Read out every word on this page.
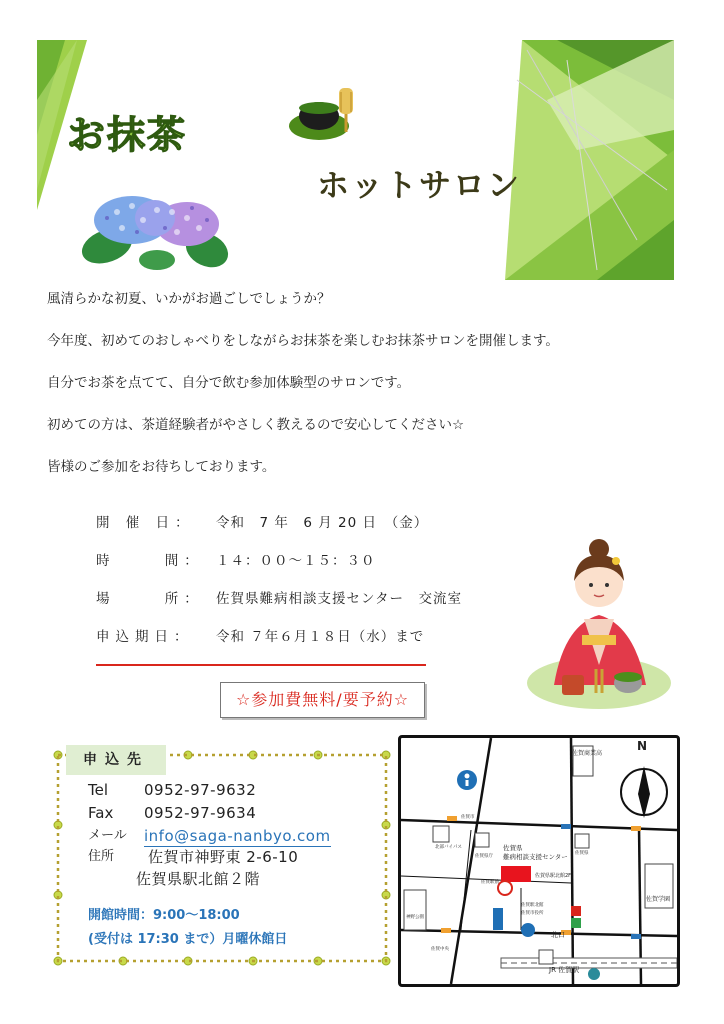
お抹茶
ホットサロン

風清らかな初夏、いかがお過ごしでしょうか？

今年度、初めてのおしゃべりをしながらお抹茶を楽しむお抹茶サロンを開催します。

自分でお茶を点てて、自分で飲む参加体験型のサロンです。

初めての方は、茶道経験者がやさしく教えるので安心してください☆

皆様のご参加をお待ちしております。

開 催 日： 令和　7 年　6 月 20 日　（金）
時　　 間： １４：００～１５：３０
場　　 所： 佐賀県難病相談支援センター　交流室
申込期日： 令和 ７年６月１８日（水）まで
☆参加費無料/要予約☆
申込先
Tel 0952-97-9632
Fax 0952-97-9634
メール info@saga-nanbyo.com
住所 佐賀市神野東 2-6-10
佐賀県駅北館２階
開館時間：9:00～18:00
(受付は 17:30 まで）月曜休館日
N
佐賀県
難病相談支援センター
佐賀県駅北館2F
佐賀商業高
佐賀学園
JR 佐賀駅
北口
佐賀市
北部バイパス
佐賀県庁
佐賀駅北館
佐賀駅前
佐賀中央
佐賀県
佐賀市役所
神野公園
